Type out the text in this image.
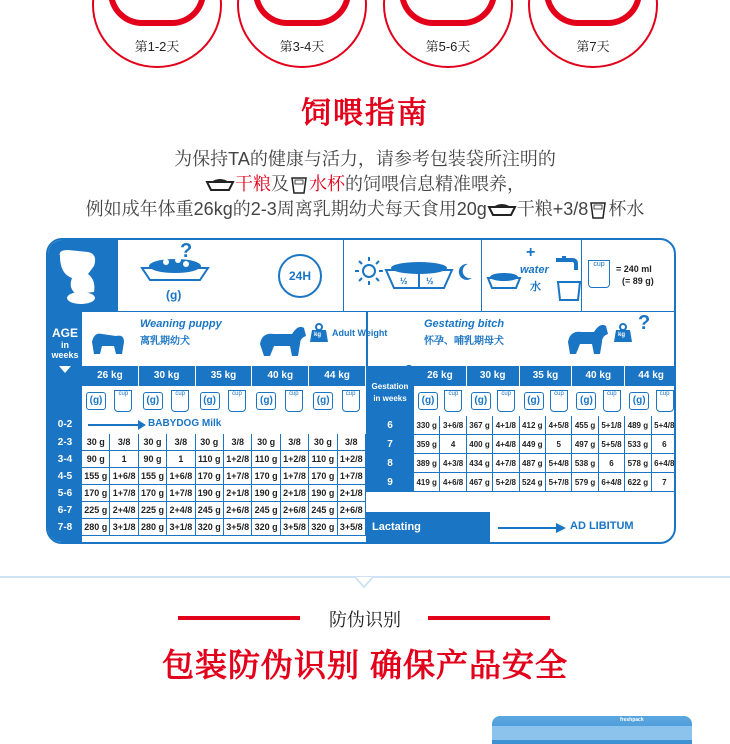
第1-2天	第3-4天	第5-6天	第7天
饲喂指南
为保持TA的健康与活力，请参考包装袋所注明的
干粮及 水杯的饲喂信息精准喂养，
例如成年体重26kg的2-3周离乳期幼犬每天食用20g 干粮+3/8 杯水
?
(g)
24H	½ ½
+
water
水
cup	= 240 ml
(= 89 g)
AGE
in
weeks
Weaning puppy
离乳期幼犬
kg Adult Weight
Gestating bitch
怀孕、哺乳期母犬
kg
?
26 kg	30 kg	35 kg	40 kg	44 kg
(g)
cup
(g)
cup
(g)
cup
(g)
cup
(g)
cup
Gestation
in weeks
26 kg	30 kg	35 kg	40 kg	44 kg
(g)
cup
(g)
cup
(g)
cup
(g)
cup
(g)
cup
0-2	BABYDOG Milk
2-3	30 g	3/8	30 g	3/8	30 g	3/8	30 g	3/8	30 g	3/8
3-4	90 g	1	90 g	1	110 g 1+2/8 110 g 1+2/8 110 g 1+2/8
4-5	155 g 1+6/8 155 g 1+6/8 170 g 1+7/8 170 g 1+7/8 170 g 1+7/8
5-6	170 g 1+7/8 170 g 1+7/8 190 g 2+1/8 190 g 2+1/8 190 g 2+1/8
6-7	225 g 2+4/8 225 g 2+4/8 245 g 2+6/8 245 g 2+6/8 245 g 2+6/8
7-8	280 g 3+1/8 280 g 3+1/8 320 g 3+5/8 320 g 3+5/8 320 g 3+5/8
6	330 g 3+6/8 367 g 4+1/8 412 g 4+5/8 455 g 5+1/8 489 g 5+4/8
7	359 g	4	400 g 4+4/8 449 g	5	497 g 5+5/8 533 g	6
8	389 g 4+3/8 434 g 4+7/8 487 g 5+4/8 538 g	6	578 g 6+4/8
9	419 g 4+6/8 467 g 5+2/8 524 g 5+7/8 579 g 6+4/8 622 g	7
Lactating	AD LIBITUM
防伪识别
包装防伪识别 确保产品安全
freshpack
